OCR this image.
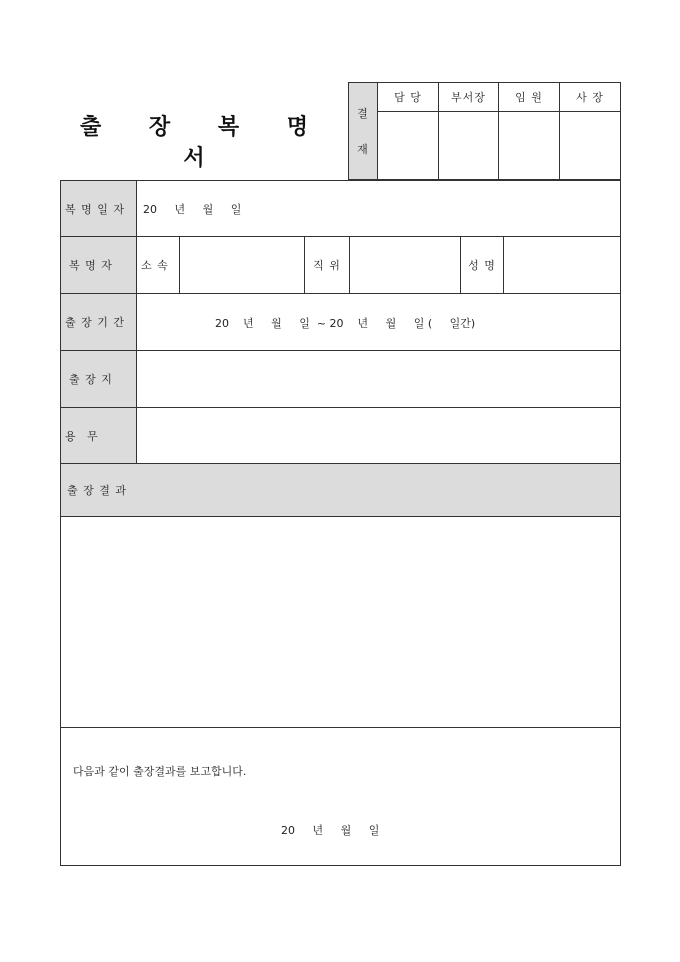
출 장 복 명 서
결
재
담 당	부서장	임 원	사 장
복 명 일 자 20     년     월     일
복 명 자	소 속	직 위	성 명
출 장 기 간	20    년     월     일  ~ 20    년     월     일 (     일간)
출 장 지
용 무
출 장 결 과
다음과 같이 출장결과를 보고합니다.
20     년     월     일
